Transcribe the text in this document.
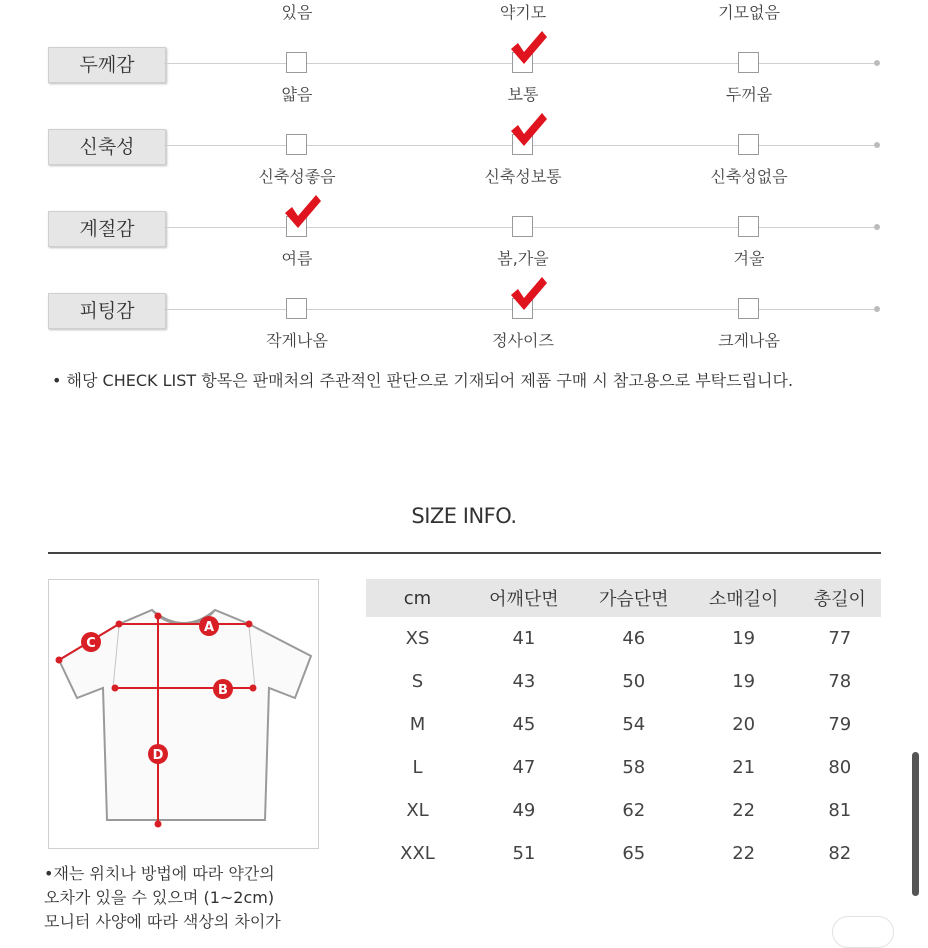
있음	약기모	기모없음
두께감
얇음	보통	두꺼움
신축성
신축성좋음	신축성보통	신축성없음
계절감
여름	봄,가을	겨울
피팅감
작게나옴	정사이즈	크게나옴
• 해당 CHECK LIST 항목은 판매처의 주관적인 판단으로 기재되어 제품 구매 시 참고용으로 부탁드립니다.
SIZE INFO.
A
B
C
D
cm	어깨단면	가슴단면	소매길이	총길이
XS	41	46	19	77
S	43	50	19	78
M	45	54	20	79
L	47	58	21	80
XL	49	62	22	81
XXL	51	65	22	82
•재는 위치나 방법에 따라 약간의
오차가 있을 수 있으며 (1~2cm)
모니터 사양에 따라 색상의 차이가
